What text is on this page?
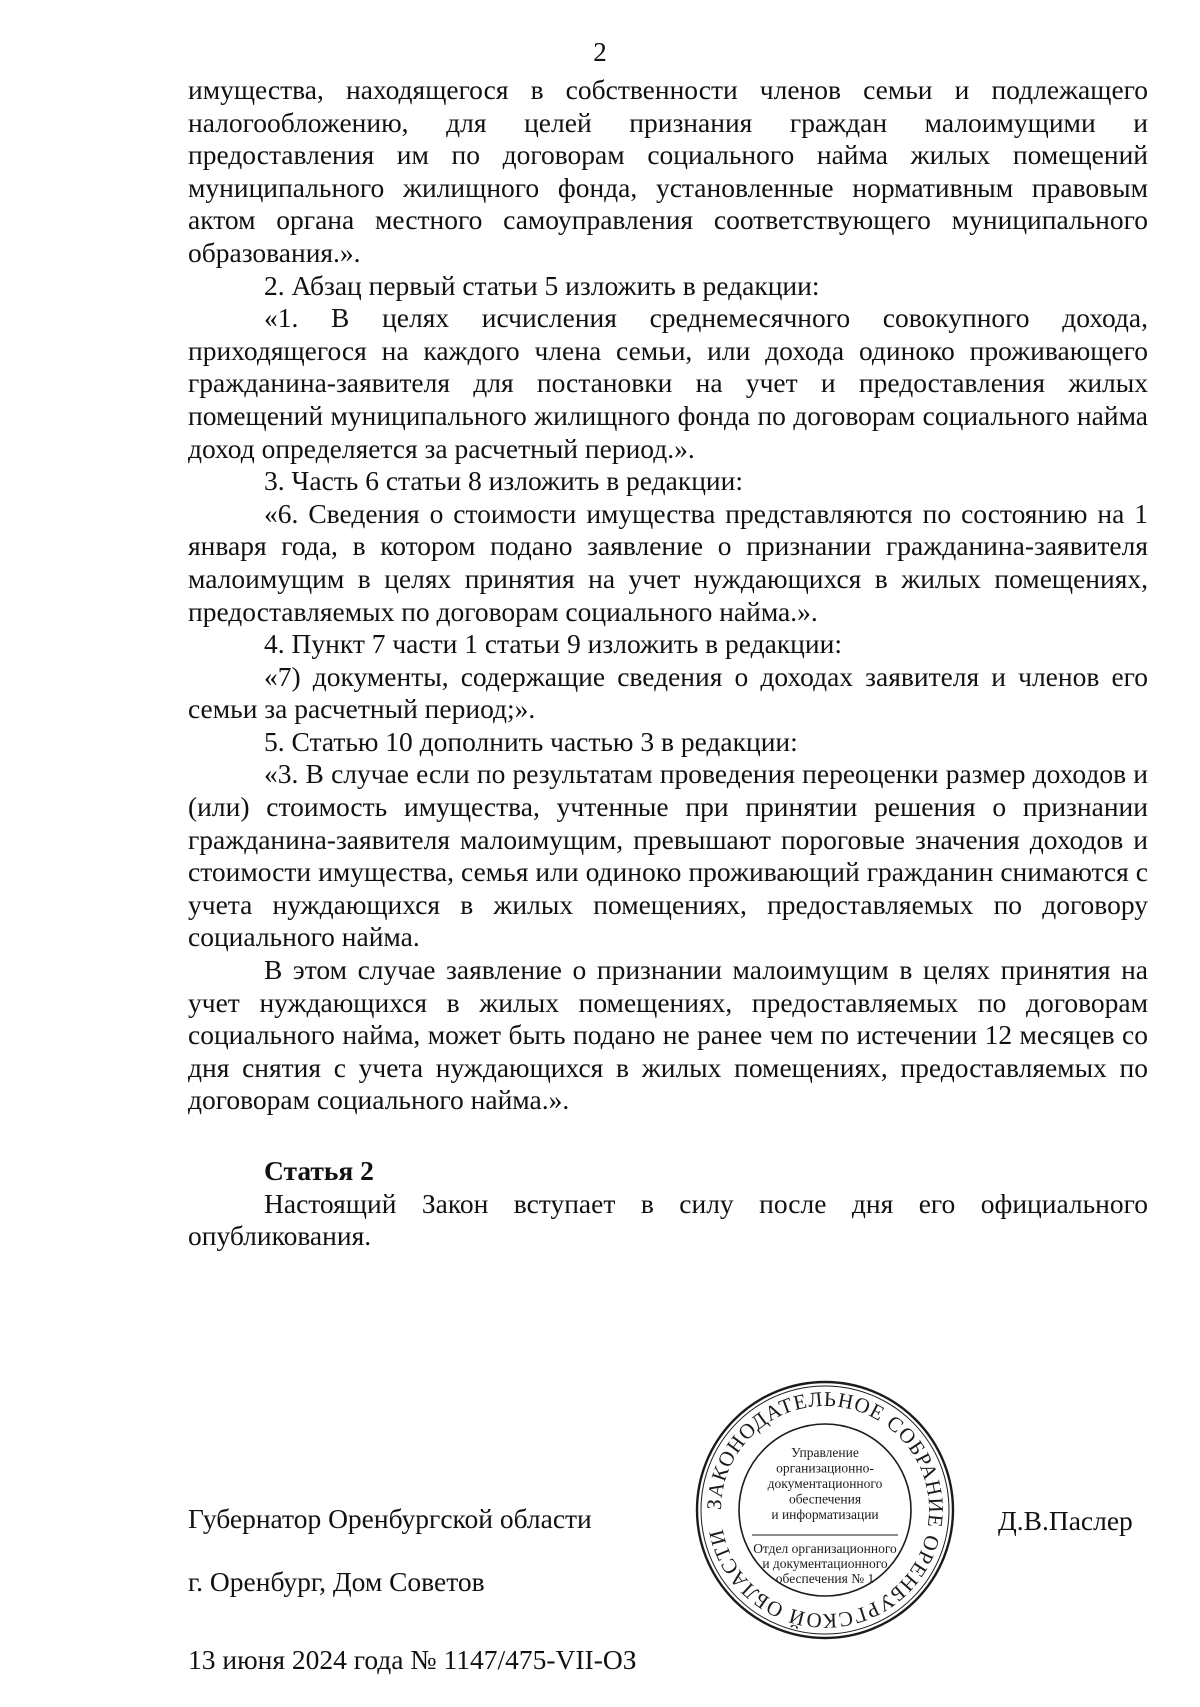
2

имущества, находящегося в собственности членов семьи и подлежащего налогообложению, для целей признания граждан малоимущими и предоставления им по договорам социального найма жилых помещений муниципального жилищного фонда, установленные нормативным правовым актом органа местного самоуправления соответствующего муниципального образования.».

2. Абзац первый статьи 5 изложить в редакции:

«1. В целях исчисления среднемесячного совокупного дохода, приходящегося на каждого члена семьи, или дохода одиноко проживающего гражданина-заявителя для постановки на учет и предоставления жилых помещений муниципального жилищного фонда по договорам социального найма доход определяется за расчетный период.».

3. Часть 6 статьи 8 изложить в редакции:

«6. Сведения о стоимости имущества представляются по состоянию на 1 января года, в котором подано заявление о признании гражданина-заявителя малоимущим в целях принятия на учет нуждающихся в жилых помещениях, предоставляемых по договорам социального найма.».

4. Пункт 7 части 1 статьи 9 изложить в редакции:

«7) документы, содержащие сведения о доходах заявителя и членов его семьи за расчетный период;».

5. Статью 10 дополнить частью 3 в редакции:

«3. В случае если по результатам проведения переоценки размер доходов и (или) стоимость имущества, учтенные при принятии решения о признании гражданина-заявителя малоимущим, превышают пороговые значения доходов и стоимости имущества, семья или одиноко проживающий гражданин снимаются с учета нуждающихся в жилых помещениях, предоставляемых по договору социального найма.

В этом случае заявление о признании малоимущим в целях принятия на учет нуждающихся в жилых помещениях, предоставляемых по договорам социального найма, может быть подано не ранее чем по истечении 12 месяцев со дня снятия с учета нуждающихся в жилых помещениях, предоставляемых по договорам социального найма.».

Статья 2

Настоящий Закон вступает в силу после дня его официального опубликования.

ЗАКОНОДАТЕЛЬНОЕ СОБРАНИЕ ОРЕНБУРГСКОЙ ОБЛАСТИ
Управление
организационно-
документационного
обеспечения
и информатизации
Отдел организационного
и документационного
обеспечения № 1
Губернатор Оренбургской области	Д.В.Паслер
г. Оренбург, Дом Советов
13 июня 2024 года № 1147/475-VII-ОЗ
